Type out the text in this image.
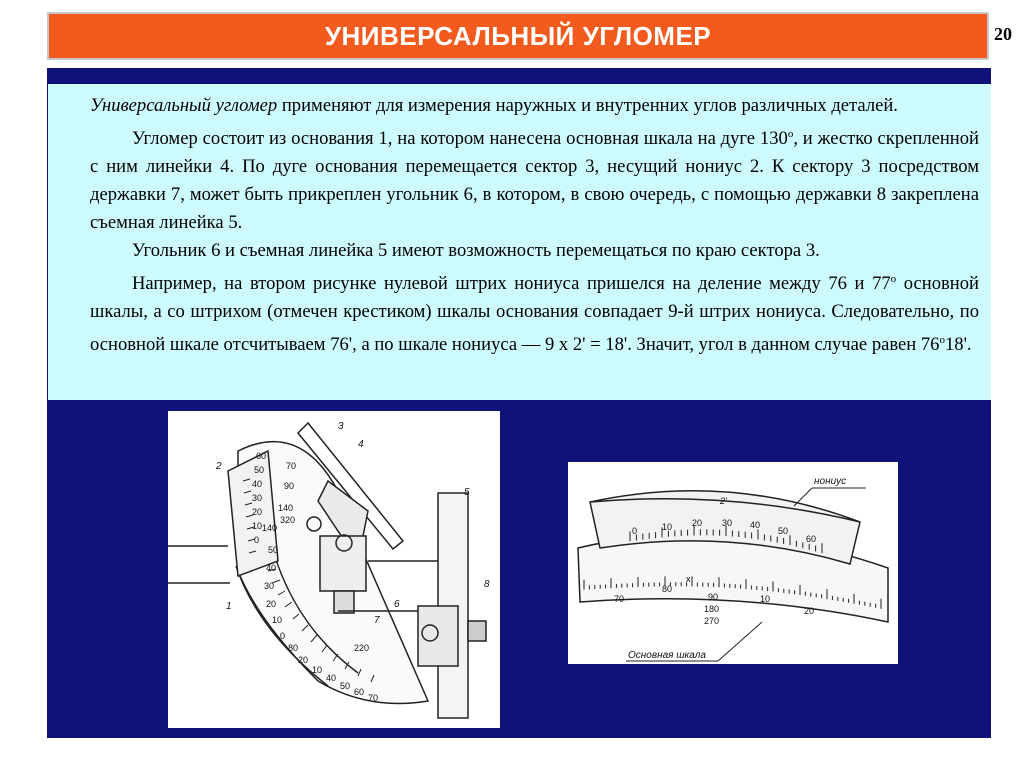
УНИВЕРСАЛЬНЫЙ УГЛОМЕР	20

Универсальный угломер применяют для измерения наружных и внутренних углов различных деталей.

Угломер состоит из основания 1, на котором нанесена основная шкала на дуге $130^о$, и жестко скрепленной с ним линейки 4. По дуге основания перемещается сектор 3, несущий нониус 2. К сектору 3 посредством державки 7, может быть прикреплен угольник 6, в котором, в свою очередь, с помощью державки 8 закреплена съемная линейка 5.

Угольник 6 и съемная линейка 5 имеют возможность перемещаться по краю сектора 3.

Например, на втором рисунке нулевой штрих нониуса пришелся на деление между 76 и $77^о$ основной шкалы, а со штрихом (отмечен крестиком) шкалы основания совпадает 9-й штрих нониуса. Следовательно, по основной шкале отсчитываем 76', а по шкале нониуса — 9 х 2' = 18'. Значит, угол в данном случае равен $76^о18'$.

60
50
40
30
20
10
0
70
90
140
320
140
50
40
30
20
10
0
80
20
10
40
50
60
70
220
1
2
3
4
5
6
7
8
0	10 20 30 40
50
60
70
80
x
10
20
90
180
270
2'
нониус
Основная шкала
